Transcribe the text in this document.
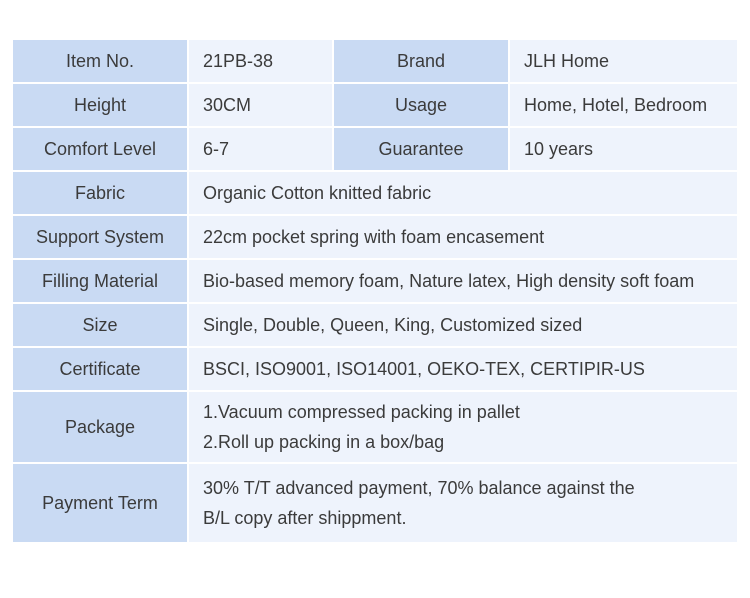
Item No.	21PB-38	Brand	JLH Home
Height	30CM	Usage	Home, Hotel, Bedroom
Comfort Level	6-7	Guarantee	10 years
Fabric	Organic Cotton knitted fabric		
Support System	22cm pocket spring with foam encasement		
Filling Material	Bio-based memory foam, Nature latex, High density soft foam		
Size	Single, Double, Queen, King, Customized sized		
Certificate	BSCI, ISO9001, ISO14001, OEKO-TEX, CERTIPIR-US		
Package	1.Vacuum compressed packing in pallet
2.Roll up packing in a box/bag		

Payment Term	30% T/T advanced payment, 70% balance against the
B/L copy after shippment.		
